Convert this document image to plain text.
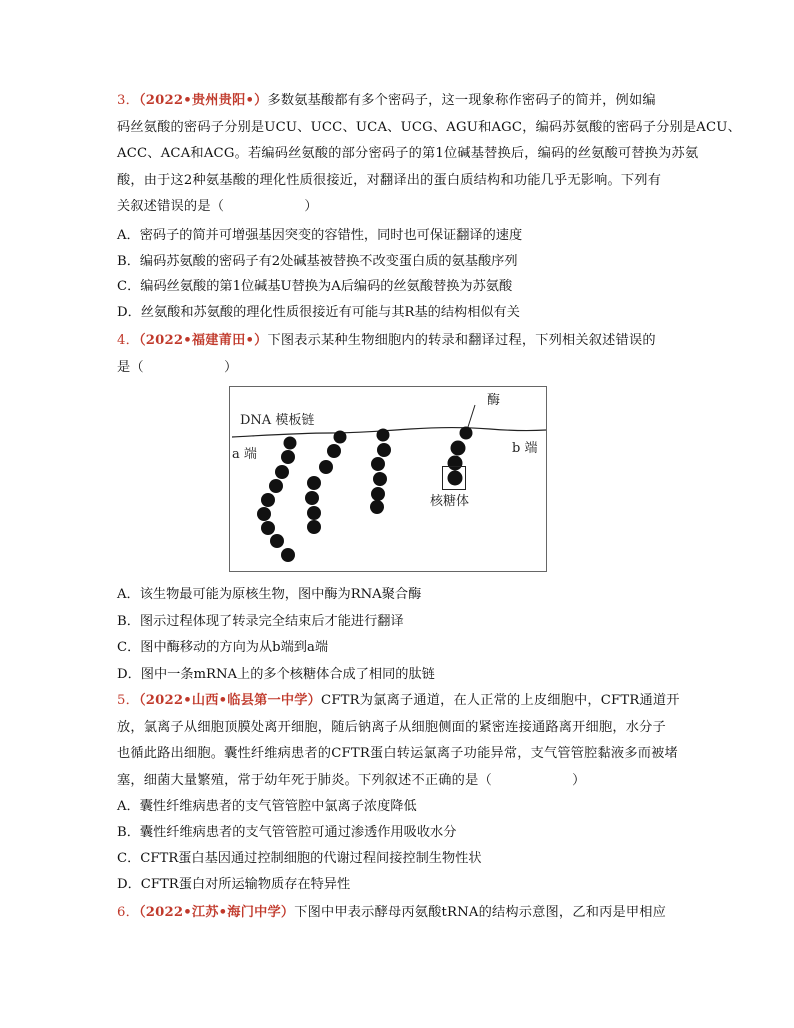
3．（2022•贵州贵阳•）多数氨基酸都有多个密码子，这一现象称作密码子的简并，例如编
码丝氨酸的密码子分别是UCU、UCC、UCA、UCG、AGU和AGC，编码苏氨酸的密码子分别是ACU、
ACC、ACA和ACG。若编码丝氨酸的部分密码子的第1位碱基替换后，编码的丝氨酸可替换为苏氨
酸，由于这2种氨基酸的理化性质很接近，对翻译出的蛋白质结构和功能几乎无影响。下列有
关叙述错误的是（　　　　　　）
A．密码子的简并可增强基因突变的容错性，同时也可保证翻译的速度
B．编码苏氨酸的密码子有2处碱基被替换不改变蛋白质的氨基酸序列
C．编码丝氨酸的第1位碱基U替换为A后编码的丝氨酸替换为苏氨酸
D．丝氨酸和苏氨酸的理化性质很接近有可能与其R基的结构相似有关
4．（2022•福建莆田•）下图表示某种生物细胞内的转录和翻译过程，下列相关叙述错误的
是（　　　　　　）
DNA 模板链
酶
a 端	b 端
核糖体
A．该生物最可能为原核生物，图中酶为RNA聚合酶
B．图示过程体现了转录完全结束后才能进行翻译
C．图中酶移动的方向为从b端到a端
D．图中一条mRNA上的多个核糖体合成了相同的肽链
5．（2022•山西•临县第一中学）CFTR为氯离子通道，在人正常的上皮细胞中，CFTR通道开
放，氯离子从细胞顶膜处离开细胞，随后钠离子从细胞侧面的紧密连接通路离开细胞，水分子
也循此路出细胞。囊性纤维病患者的CFTR蛋白转运氯离子功能异常，支气管管腔黏液多而被堵
塞，细菌大量繁殖，常于幼年死于肺炎。下列叙述不正确的是（　　　　　　）
A．囊性纤维病患者的支气管管腔中氯离子浓度降低
B．囊性纤维病患者的支气管管腔可通过渗透作用吸收水分
C．CFTR蛋白基因通过控制细胞的代谢过程间接控制生物性状
D．CFTR蛋白对所运输物质存在特异性
6．（2022•江苏•海门中学）下图中甲表示酵母丙氨酸tRNA的结构示意图，乙和丙是甲相应
